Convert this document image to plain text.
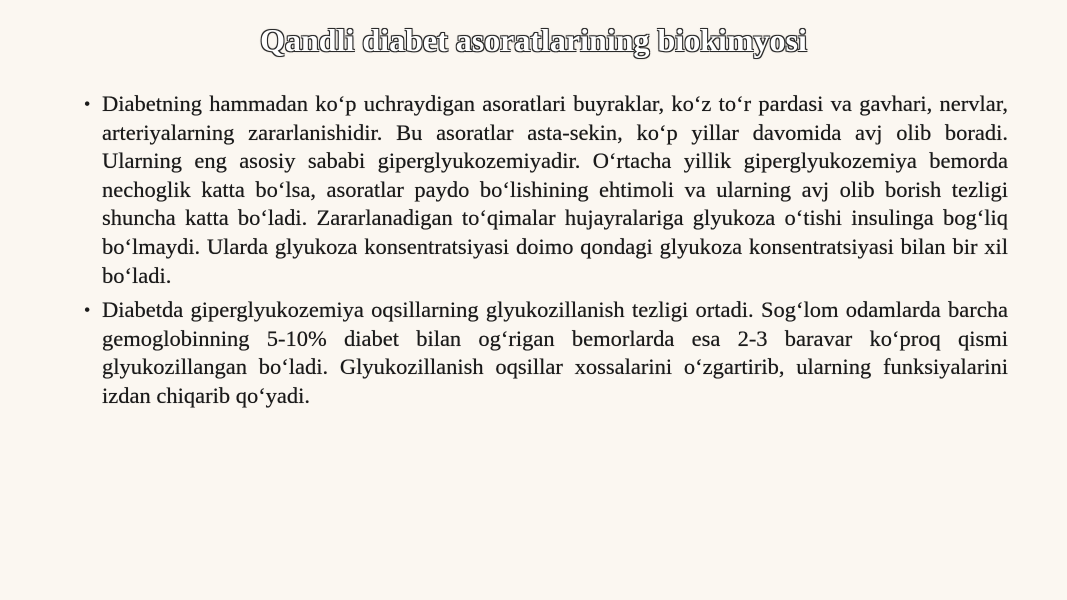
Qandli diabet asoratlarining biokimyosi
• Diabetning hammadan ko‘p uchraydigan asoratlari buyraklar, ko‘z to‘r pardasi va gavhari, nervlar, arteriyalarning zararlanishidir. Bu asoratlar asta-sekin, ko‘p yillar davomida avj olib boradi. Ularning eng asosiy sababi giperglyukozemiyadir. O‘rtacha yillik giperglyukozemiya bemorda nechoglik katta bo‘lsa, asoratlar paydo bo‘lishining ehtimoli va ularning avj olib borish tezligi shuncha katta bo‘ladi. Zararlanadigan to‘qimalar hujayralariga glyukoza o‘tishi insulinga bog‘liq bo‘lmaydi. Ularda glyukoza konsentratsiyasi doimo qondagi glyukoza konsentratsiyasi bilan bir xil bo‘ladi.
• Diabetda giperglyukozemiya oqsillarning glyukozillanish tezligi ortadi. Sog‘lom odamlarda barcha gemoglobinning 5-10% diabet bilan og‘rigan bemorlarda esa 2-3 baravar ko‘proq qismi glyukozillangan bo‘ladi. Glyukozillanish oqsillar xossalarini o‘zgartirib, ularning funksiyalarini izdan chiqarib qo‘yadi.
